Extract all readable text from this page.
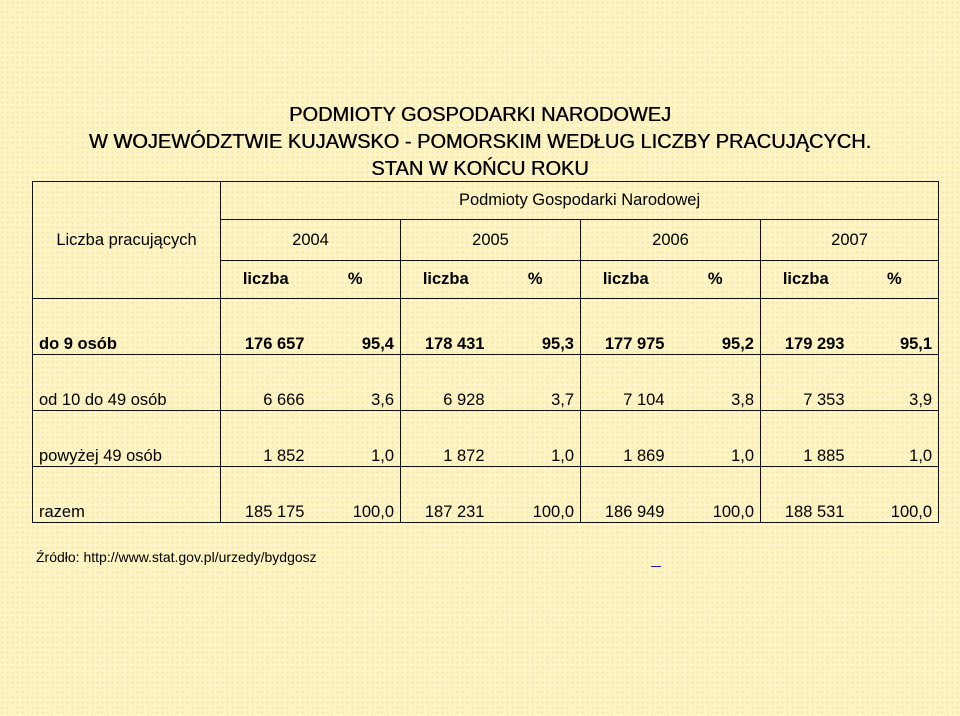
PODMIOTY GOSPODARKI NARODOWEJ
W WOJEWÓDZTWIE KUJAWSKO - POMORSKIM WEDŁUG LICZBY PRACUJĄCYCH.
STAN W KOŃCU ROKU
	Podmioty Gospodarki Narodowej							
Liczba pracujących	2004		2005		2006		2007	
	liczba	%	liczba	%	liczba	%	liczba	%
do 9 osób	176 657	95,4	178 431	95,3	177 975	95,2	179 293	95,1
od 10 do 49 osób	6 666	3,6	6 928	3,7	7 104	3,8	7 353	3,9
powyżej 49 osób	1 852	1,0	1 872	1,0	1 869	1,0	1 885	1,0
razem	185 175	100,0	187 231	100,0	186 949	100,0	188 531	100,0
Źródło: http://www.stat.gov.pl/urzedy/bydgosz
